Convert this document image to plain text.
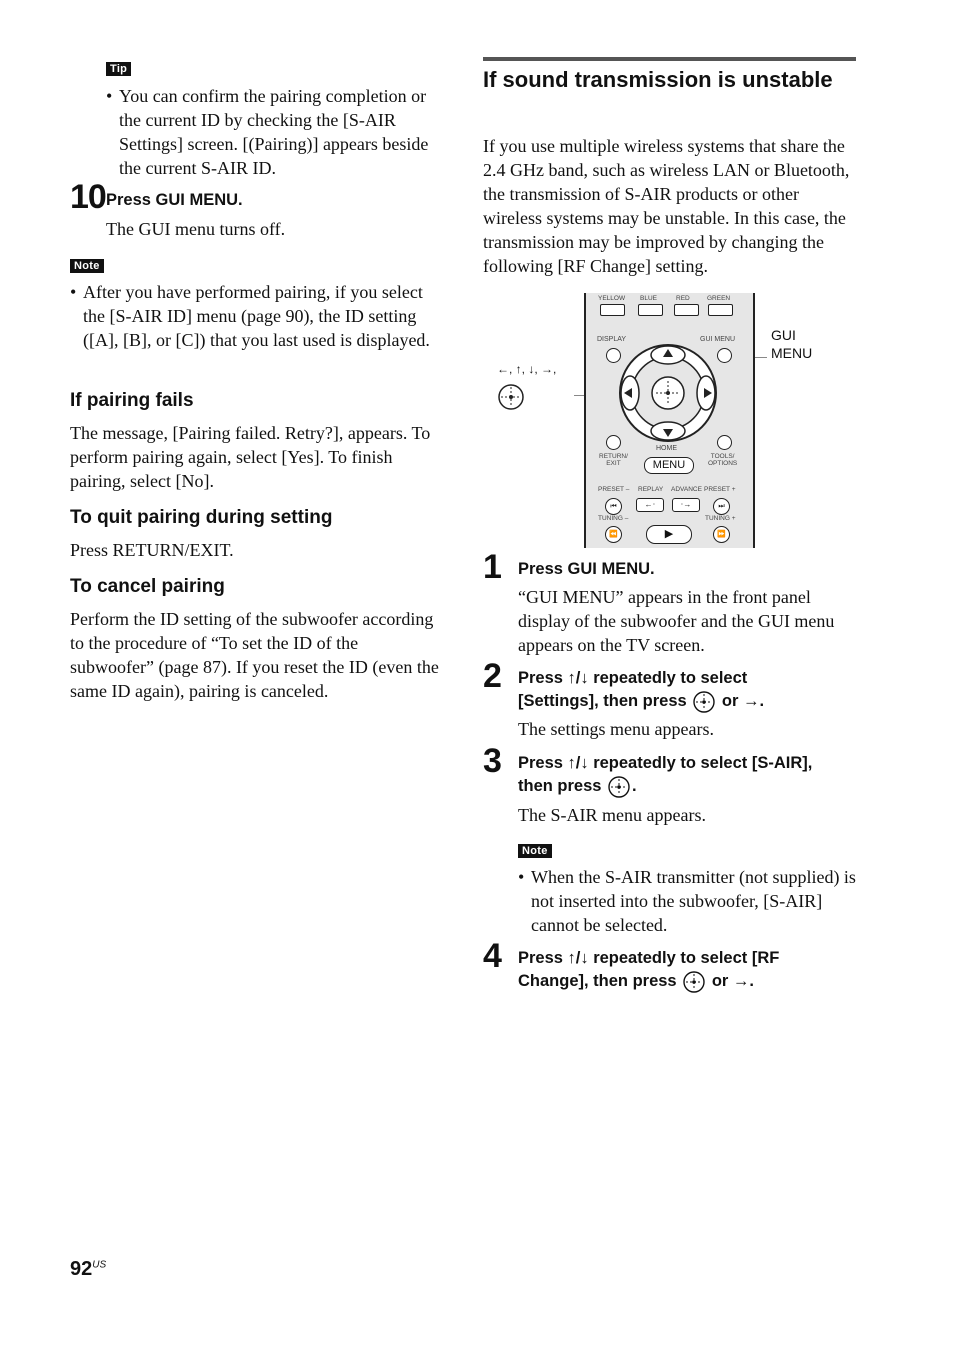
Tip
• You can confirm the pairing completion or the current ID by checking the [S-AIR Settings] screen. [(Pairing)] appears beside the current S-AIR ID.
10 Press GUI MENU.
The GUI menu turns off.
Note
• After you have performed pairing, if you select the [S-AIR ID] menu (page 90), the ID setting ([A], [B], or [C]) that you last used is displayed.
If pairing fails
The message, [Pairing failed. Retry?], appears. To perform pairing again, select [Yes]. To finish pairing, select [No].
To quit pairing during setting
Press RETURN/EXIT.
To cancel pairing
Perform the ID setting of the subwoofer according to the procedure of “To set the ID of the subwoofer” (page 87). If you reset the ID (even the same ID again), pairing is canceled.
If sound transmission is unstable
If you use multiple wireless systems that share the 2.4 GHz band, such as wireless LAN or Bluetooth, the transmission of S-AIR products or other wireless systems may be unstable. In this case, the transmission may be improved by changing the following [RF Change] setting.
←, ↑, ↓, →,
GUI
MENU
YELLOW BLUE	RED	GREEN
DISPLAY	GUI MENU
HOME
RETURN/
EXIT
TOOLS/
OPTIONS
MENU
PRESET – REPLAY ADVANCE PRESET +
⏮	←·	·→	⏭
TUNING –	TUNING +
⏪	▶	⏩
1 Press GUI MENU.
“GUI MENU” appears in the front panel display of the subwoofer and the GUI menu appears on the TV screen.
2 Press ↑/↓ repeatedly to select
[Settings], then press or →.
The settings menu appears.
3 Press ↑/↓ repeatedly to select [S-AIR],
then press .
The S-AIR menu appears.
Note
• When the S-AIR transmitter (not supplied) is not inserted into the subwoofer, [S-AIR] cannot be selected.
4 Press ↑/↓ repeatedly to select [RF
Change], then press or →.
$92^{US}$
